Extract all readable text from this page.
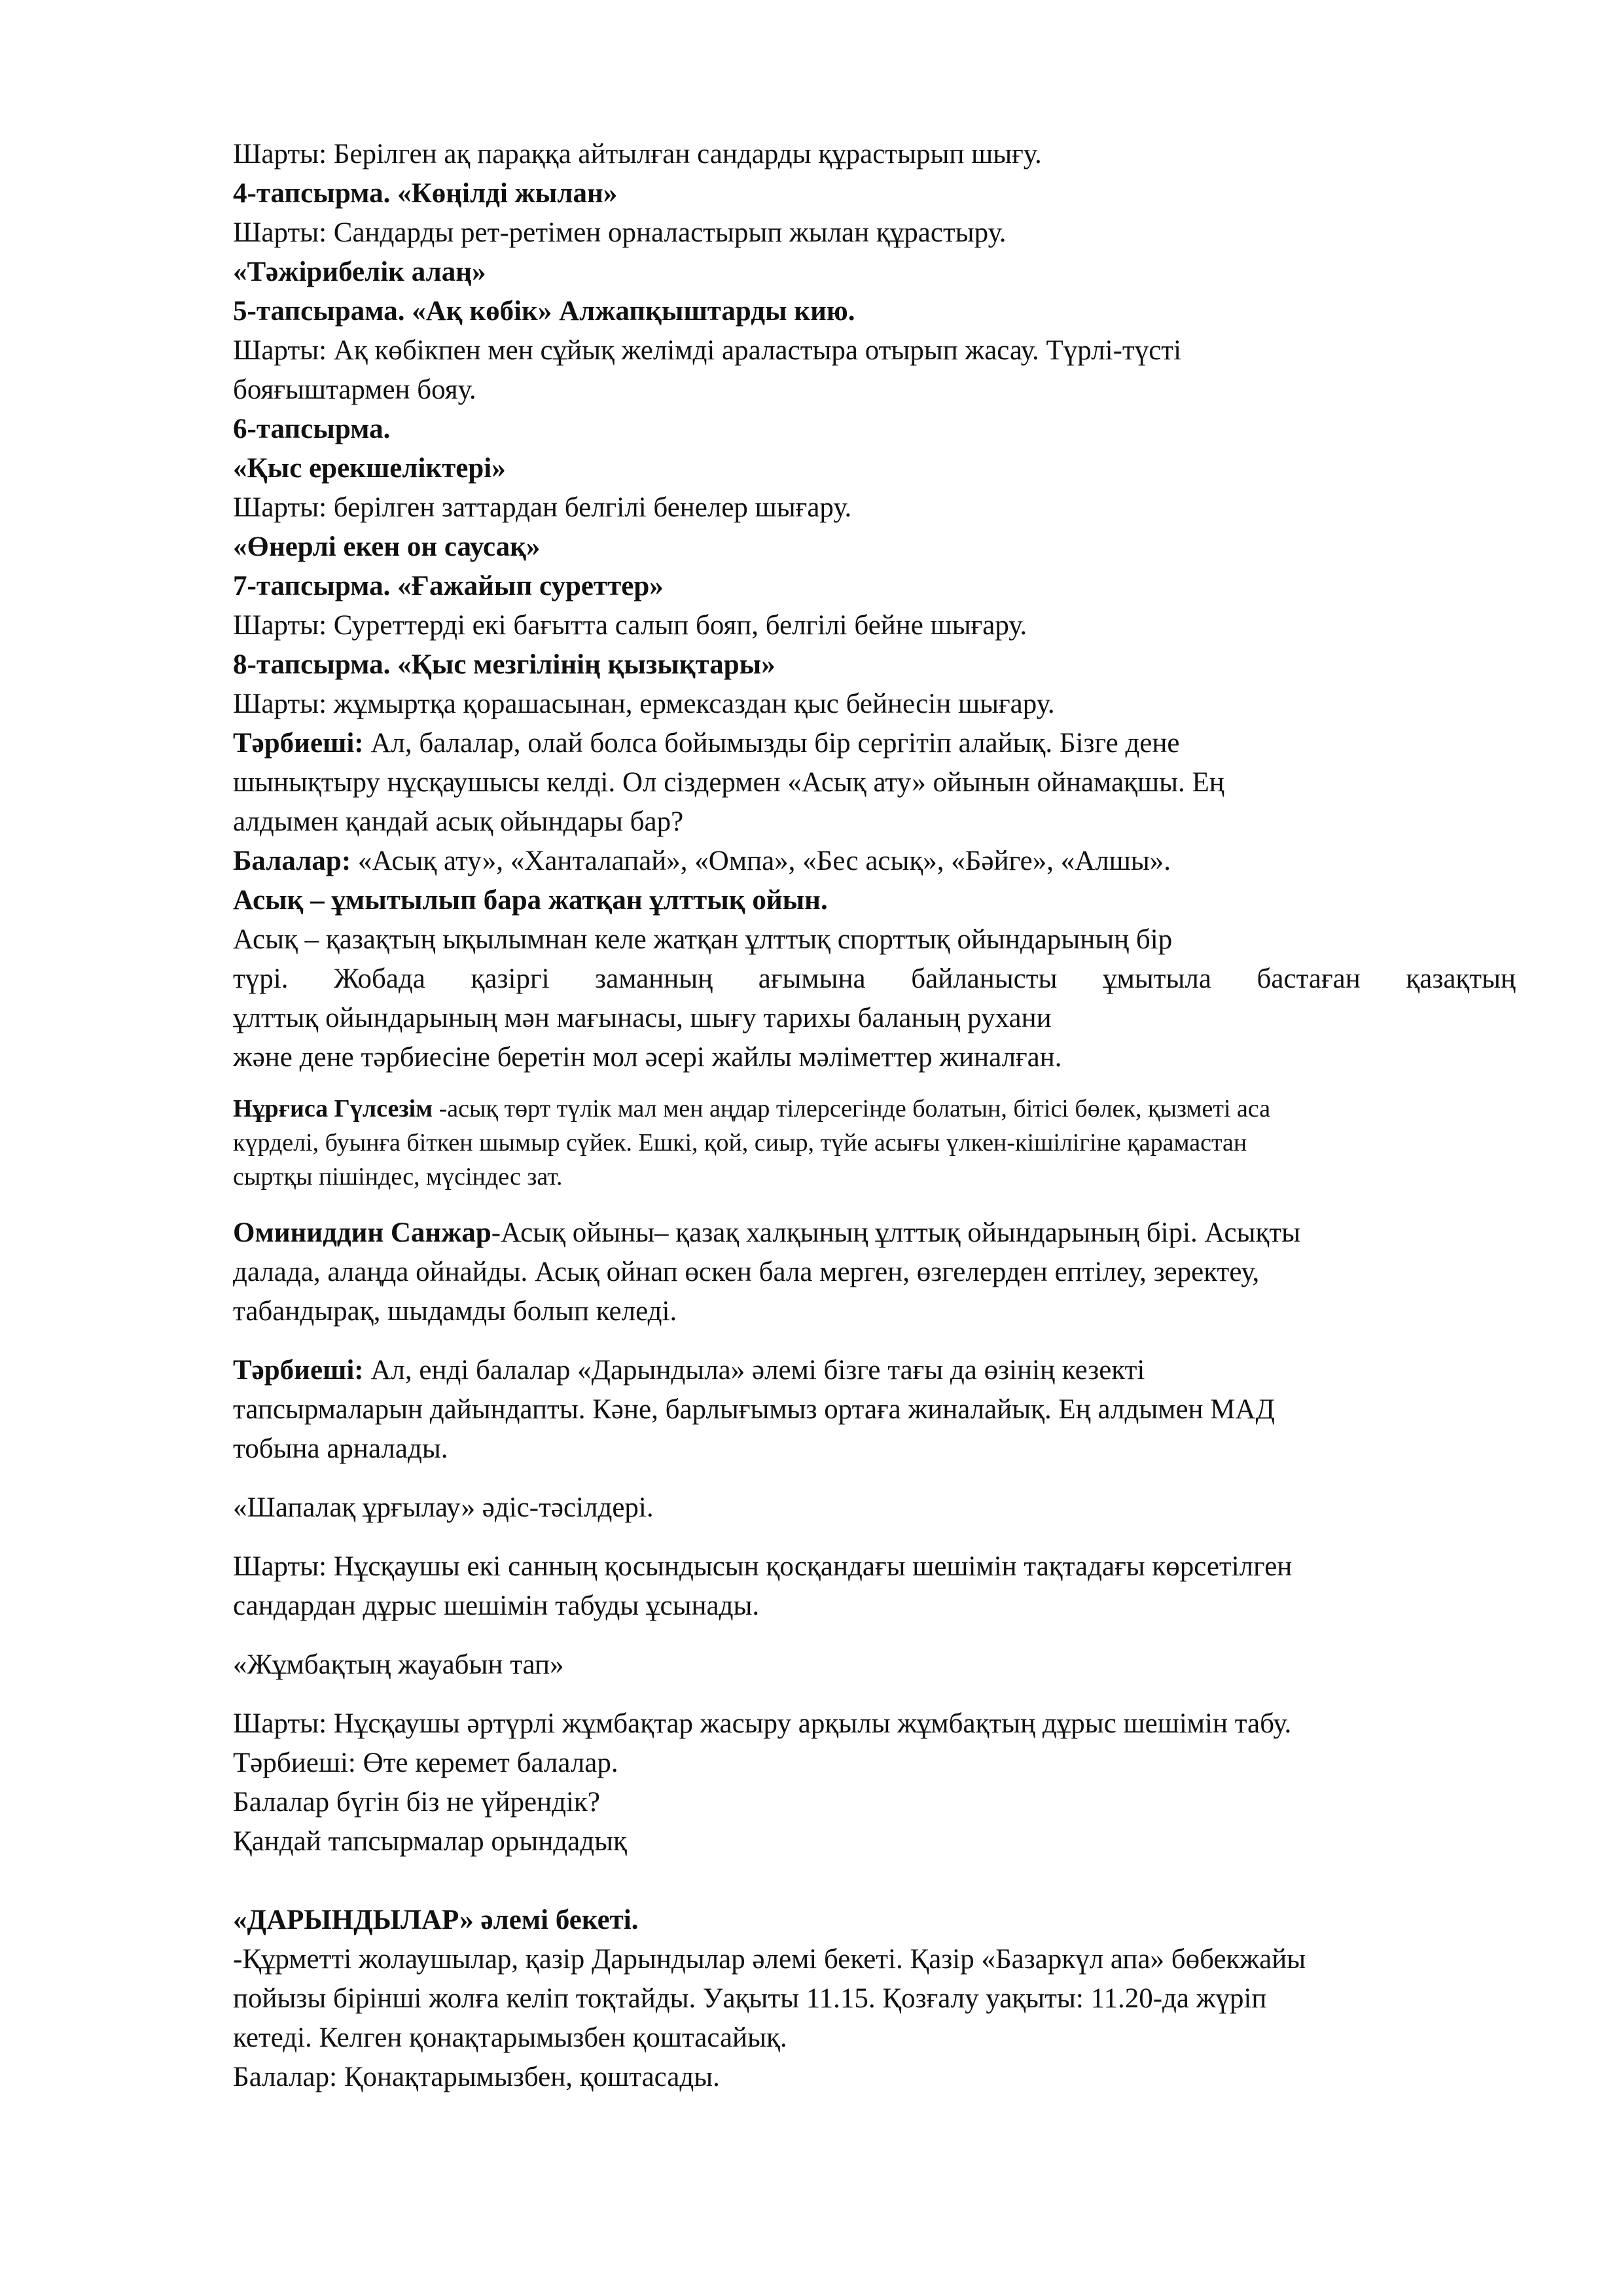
Шарты: Берілген ақ параққа айтылған сандарды құрастырып шығу.
4-тапсырма. «Көңілді жылан»
Шарты: Сандарды рет-ретімен орналастырып жылан құрастыру.
«Тәжірибелік алаң»
5-тапсырама. «Ақ көбік» Алжапқыштарды кию.
Шарты: Ақ көбікпен мен сұйық желімді араластыра отырып жасау. Түрлі-түсті
бояғыштармен бояу.
6-тапсырма.
«Қыс ерекшеліктері»
Шарты: берілген заттардан белгілі бенелер шығару.
«Өнерлі екен он саусақ»
7-тапсырма. «Ғажайып суреттер»
Шарты: Суреттерді екі бағытта салып бояп, белгілі бейне шығару.
8-тапсырма. «Қыс мезгілінің қызықтары»
Шарты: жұмыртқа қорашасынан, ермексаздан қыс бейнесін шығару.
Тәрбиеші: Ал, балалар, олай болса бойымызды бір сергітіп алайық. Бізге дене
шынықтыру нұсқаушысы келді. Ол сіздермен «Асық ату» ойынын ойнамақшы. Ең
алдымен қандай асық ойындары бар?
Балалар: «Асық ату», «Ханталапай», «Омпа», «Бес асық», «Бәйге», «Алшы».
Асық – ұмытылып бара жатқан ұлттық ойын.
Асық – қазақтың ықылымнан келе жатқан ұлттық спорттық ойындарының бір
түрі. Жобада қазіргі заманның ағымына байланысты ұмытыла бастаған қазақтың
ұлттық ойындарының мән мағынасы, шығу тарихы баланың рухани
және дене тәрбиесіне беретін мол әсері жайлы мәліметтер жиналған.
Нұрғиса Гүлсезім -асық төрт түлік мал мен аңдар тілерсегінде болатын, бітісі бөлек, қызметі аса
күрделі, буынға біткен шымыр сүйек. Ешкі, қой, сиыр, түйе асығы үлкен-кішілігіне қарамастан
сыртқы пішіндес, мүсіндес зат.
Оминиддин Санжар-Асық ойыны– қазақ халқының ұлттық ойындарының бірі. Асықты
далада, алаңда ойнайды. Асық ойнап өскен бала мерген, өзгелерден ептілеу, зеректеу,
табандырақ, шыдамды болып келеді.
Тәрбиеші: Ал, енді балалар «Дарындыла» әлемі бізге тағы да өзінің кезекті
тапсырмаларын дайындапты. Кәне, барлығымыз ортаға жиналайық. Ең алдымен МАД
тобына арналады.
«Шапалақ ұрғылау» әдіс-тәсілдері.
Шарты: Нұсқаушы екі санның қосындысын қосқандағы шешімін тақтадағы көрсетілген
сандардан дұрыс шешімін табуды ұсынады.
«Жұмбақтың жауабын тап»
Шарты: Нұсқаушы әртүрлі жұмбақтар жасыру арқылы жұмбақтың дұрыс шешімін табу.
Тәрбиеші: Өте керемет балалар.
Балалар бүгін біз не үйрендік?
Қандай тапсырмалар орындадық
«ДАРЫНДЫЛАР» әлемі бекеті.
-Құрметті жолаушылар, қазір Дарындылар әлемі бекеті. Қазір «Базаркүл апа» бөбекжайы
пойызы бірінші жолға келіп тоқтайды. Уақыты 11.15. Қозғалу уақыты: 11.20-да жүріп
кетеді. Келген қонақтарымызбен қоштасайық.
Балалар: Қонақтарымызбен, қоштасады.
